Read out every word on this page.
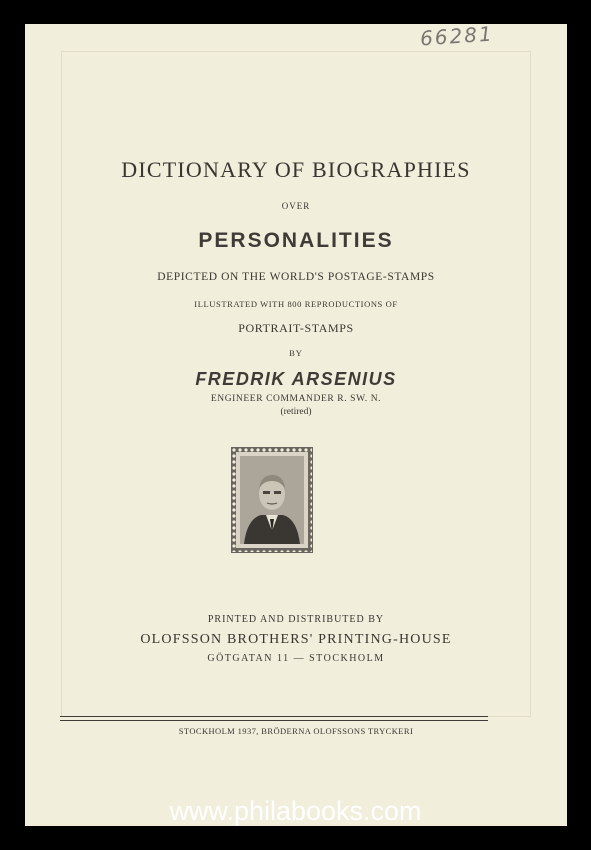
66281
DICTIONARY OF BIOGRAPHIES
OVER
PERSONALITIES
DEPICTED ON THE WORLD'S POSTAGE-STAMPS
ILLUSTRATED WITH 800 REPRODUCTIONS OF
PORTRAIT-STAMPS
BY
FREDRIK ARSENIUS
ENGINEER COMMANDER R. SW. N.
(retired)
PRINTED AND DISTRIBUTED BY
OLOFSSON BROTHERS' PRINTING-HOUSE
GÖTGATAN 11 — STOCKHOLM
STOCKHOLM 1937, BRÖDERNA OLOFSSONS TRYCKERI
www.philabooks.com
